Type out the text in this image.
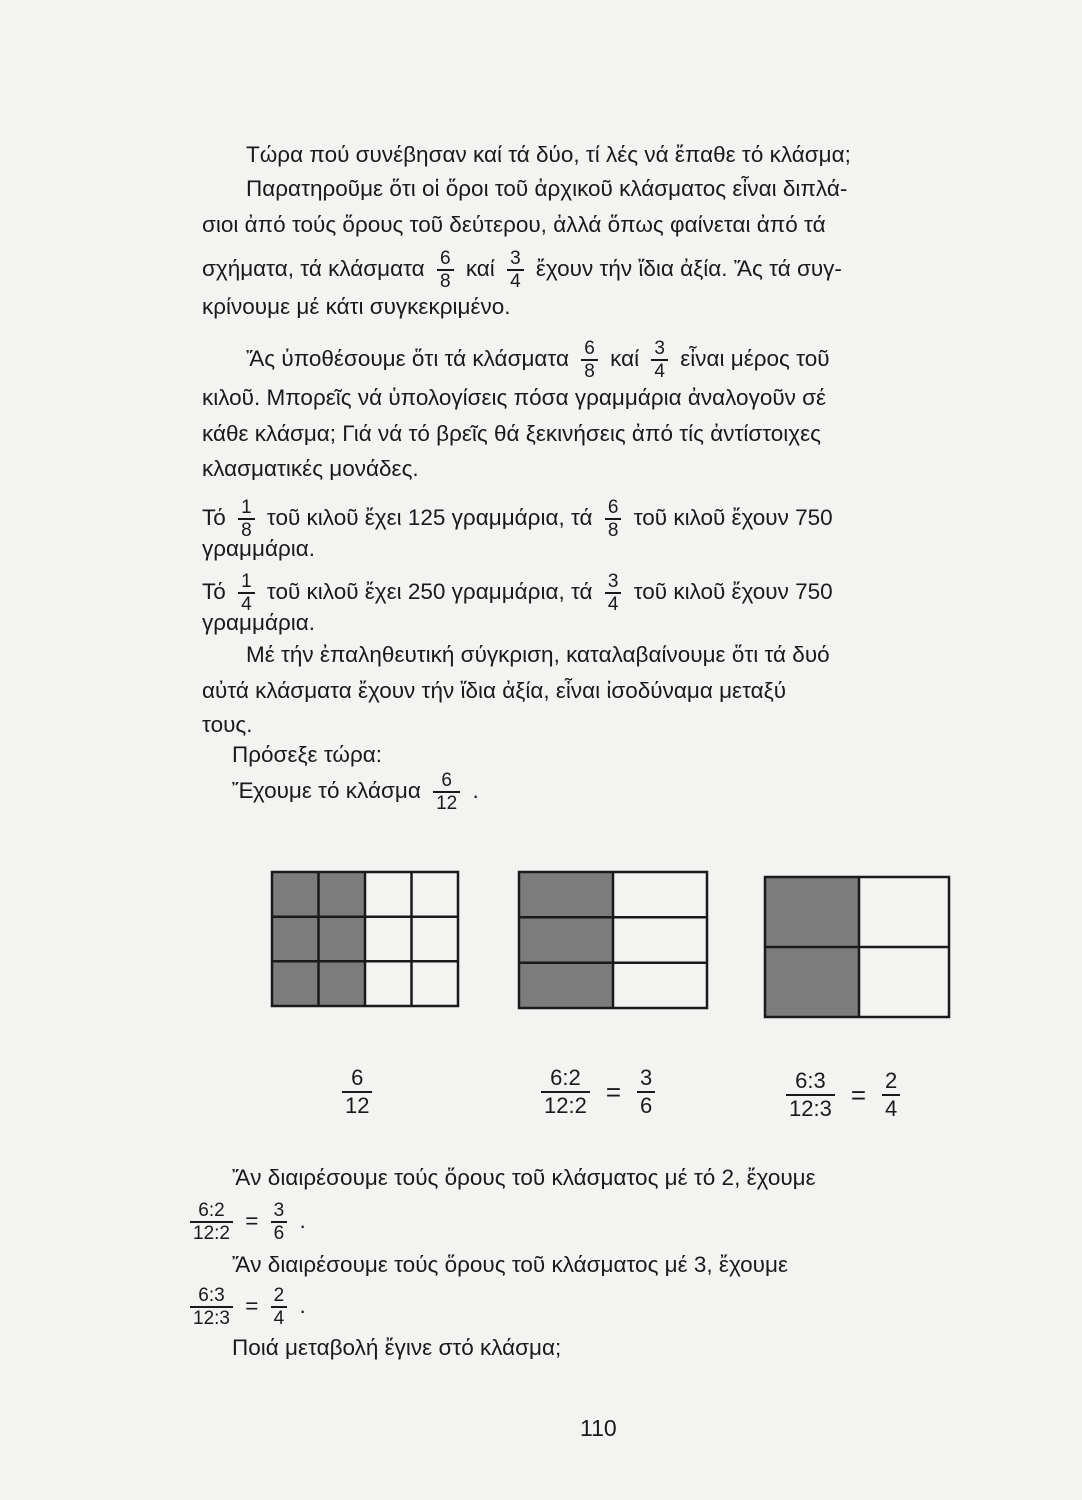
Τώρα πού συνέβησαν καί τά δύο, τί λές νά ἔπαθε τό κλάσμα;
Παρατηροῦμε ὅτι οἱ ὅροι τοῦ ἀρχικοῦ κλάσματος εἶναι διπλά-
σιοι ἀπό τούς ὅρους τοῦ δεύτερου, ἀλλά ὅπως φαίνεται ἀπό τά
σχήματα, τά κλάσματα $\frac{6}{8}$ καί $\frac{3}{4}$ ἔχουν τήν ἴδια ἀξία. Ἄς τά συγ-
κρίνουμε μέ κάτι συγκεκριμένο.
Ἄς ὑποθέσουμε ὅτι τά κλάσματα $\frac{6}{8}$ καί $\frac{3}{4}$ εἶναι μέρος τοῦ
κιλοῦ. Μπορεῖς νά ὑπολογίσεις πόσα γραμμάρια ἀναλογοῦν σέ
κάθε κλάσμα; Γιά νά τό βρεῖς θά ξεκινήσεις ἀπό τίς ἀντίστοιχες
κλασματικές μονάδες.
Τό $\frac{1}{8}$ τοῦ κιλοῦ ἔχει 125 γραμμάρια, τά $\frac{6}{8}$ τοῦ κιλοῦ ἔχουν 750
γραμμάρια.
Τό $\frac{1}{4}$ τοῦ κιλοῦ ἔχει 250 γραμμάρια, τά $\frac{3}{4}$ τοῦ κιλοῦ ἔχουν 750
γραμμάρια.
Μέ τήν ἐπαληθευτική σύγκριση, καταλαβαίνουμε ὅτι τά δυό
αὐτά κλάσματα ἔχουν τήν ἴδια ἀξία, εἶναι ἰσοδύναμα μεταξύ
τους.
Πρόσεξε τώρα:
Ἔχουμε τό κλάσμα $\frac{6}{12}$ .
$\frac{6}{12}$	$\frac{6:2}{12:2} = \frac{3}{6}$	$\frac{6:3}{12:3} = \frac{2}{4}$
Ἄν διαιρέσουμε τούς ὅρους τοῦ κλάσματος μέ τό 2, ἔχουμε
$\frac{6:2}{12:2} = \frac{3}{6}$ .
Ἄν διαιρέσουμε τούς ὅρους τοῦ κλάσματος μέ 3, ἔχουμε
$\frac{6:3}{12:3} = \frac{2}{4}$ .
Ποιά μεταβολή ἔγινε στό κλάσμα;
110
